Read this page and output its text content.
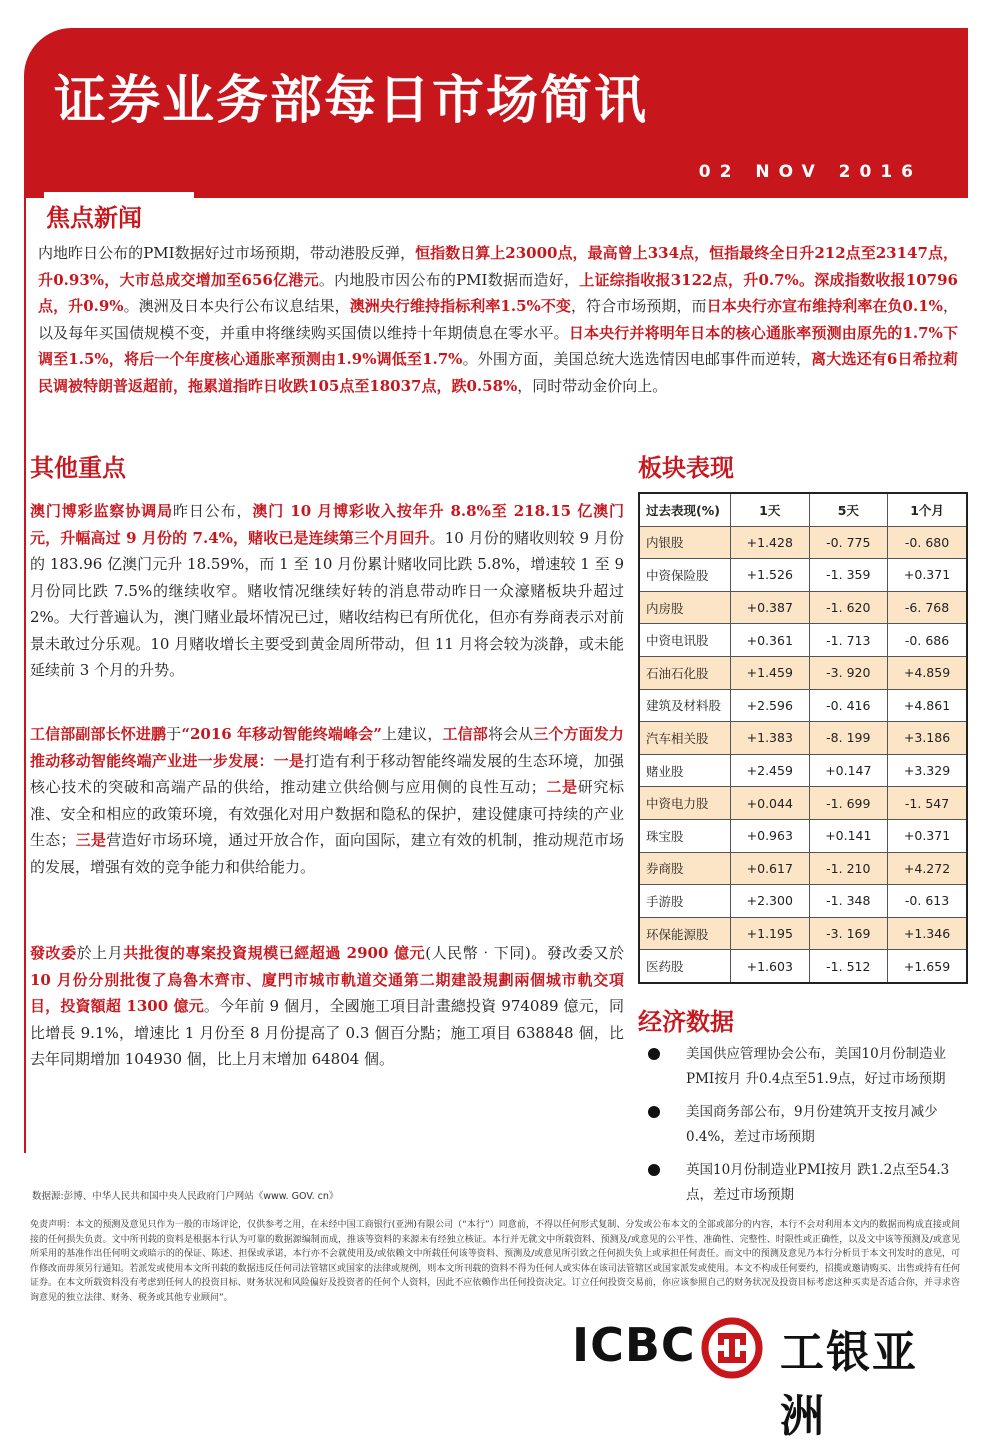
证券业务部每日市场简讯
02 NOV 2016
焦点新闻

内地昨日公布的PMI数据好过市场预期，带动港股反弹，恒指数日算上23000点，最高曾上334点，恒指最终全日升212点至23147点，升0.93%，大市总成交增加至656亿港元。内地股市因公布的PMI数据而造好，上证综指收报3122点，升0.7%。深成指数收报10796点，升0.9%。澳洲及日本央行公布议息结果，澳洲央行维持指标利率1.5%不变，符合市场预期，而日本央行亦宣布维持利率在负0.1%，以及每年买国债规模不变，并重申将继续购买国债以维持十年期债息在零水平。日本央行并将明年日本的核心通胀率预测由原先的1.7%下调至1.5%，将后一个年度核心通胀率预测由1.9%调低至1.7%。外围方面，美国总统大选选情因电邮事件而逆转，离大选还有6日希拉莉民调被特朗普返超前，拖累道指昨日收跌105点至18037点，跌0.58%，同时带动金价向上。

其他重点

澳门博彩监察协调局昨日公布，澳门 10 月博彩收入按年升 8.8%至 218.15 亿澳门元，升幅高过 9 月份的 7.4%，赌收已是连续第三个月回升。10 月份的赌收则较 9 月份的 183.96 亿澳门元升 18.59%，而 1 至 10 月份累计赌收同比跌 5.8%，增速较 1 至 9 月份同比跌 7.5%的继续收窄。赌收情况继续好转的消息带动昨日一众濠赌板块升超过 2%。大行普遍认为，澳门赌业最坏情况已过，赌收结构已有所优化，但亦有券商表示对前景未敢过分乐观。10 月赌收增长主要受到黄金周所带动，但 11 月将会较为淡静，或未能延续前 3 个月的升势。

工信部副部长怀进鹏于“2016 年移动智能终端峰会”上建议，工信部将会从三个方面发力推动移动智能终端产业进一步发展：一是打造有利于移动智能终端发展的生态环境，加强核心技术的突破和高端产品的供给，推动建立供给侧与应用侧的良性互动；二是研究标准、安全和相应的政策环境，有效强化对用户数据和隐私的保护，建设健康可持续的产业生态；三是营造好市场环境，通过开放合作，面向国际，建立有效的机制，推动规范市场的发展，增强有效的竞争能力和供给能力。

發改委於上月共批復的專案投資規模已經超過 2900 億元(人民幣‧下同)。發改委又於 10 月份分別批復了烏魯木齊市、廈門市城市軌道交通第二期建設規劃兩個城市軌交項目，投資額超 1300 億元。今年前 9 個月，全國施工項目計畫總投資 974089 億元，同比增長 9.1%，增速比 1 月份至 8 月份提高了 0.3 個百分點；施工項目 638848 個，比去年同期增加 104930 個，比上月末增加 64804 個。

板块表现
过去表现(%)	1天	5天	1个月
内银股	+1.428	-0. 775	-0. 680
中资保险股	+1.526	-1. 359	+0.371
内房股	+0.387	-1. 620	-6. 768
中资电讯股	+0.361	-1. 713	-0. 686
石油石化股	+1.459	-3. 920	+4.859
建筑及材料股	+2.596	-0. 416	+4.861
汽车相关股	+1.383	-8. 199	+3.186
赌业股	+2.459	+0.147	+3.329
中资电力股	+0.044	-1. 699	-1. 547
珠宝股	+0.963	+0.141	+0.371
券商股	+0.617	-1. 210	+4.272
手游股	+2.300	-1. 348	-0. 613
环保能源股	+1.195	-3. 169	+1.346
医药股	+1.603	-1. 512	+1.659
经济数据
美国供应管理协会公布，美国10月份制造业PMI按月 升0.4点至51.9点，好过市场预期
美国商务部公布，9月份建筑开支按月减少0.4%，差过市场预期
英国10月份制造业PMI按月 跌1.2点至54.3点，差过市场预期
数据源:彭博、中华人民共和国中央人民政府门户网站《www. GOV. cn》

免责声明：本文的预测及意见只作为一般的市场评论，仅供参考之用，在未经中国工商银行(亚洲)有限公司（“本行”）同意前，不得以任何形式复制、分发或公布本文的全部或部分的内容，本行不会对利用本文内的数据而构成直接或间接的任何损失负责。文中所刊载的资料是根据本行认为可靠的数据源编制而成，推该等资料的来源未有经独立核证。本行并无就文中所载资料、预测及/或意见的公平性、准确性、完整性、时限性或正确性，以及文中该等预测及/或意见所采用的基准作出任何明文或暗示的的保证、陈述、担保或承诺，本行亦不会就使用及/或依赖文中所载任何该等资料、预测及/或意见所引致之任何损失负上或承担任何责任。而文中的预测及意见乃本行分析员于本文刊发时的意见，可作修改而毋须另行通知。若派发或使用本文所刊载的数据违反任何司法管辖区或国家的法律或规例，则本文所刊载的资料不得为任何人或实体在该司法管辖区或国家派发或使用。本文不构成任何要约，招揽或邀请购买、出售或持有任何证券。在本文所载资料没有考虑到任何人的投资目标、财务状况和风险偏好及投资者的任何个人资料，因此不应依赖作出任何投资决定。订立任何投资交易前，你应该参照自己的财务状况及投资目标考虑这种买卖是否适合你，并寻求咨询意见的独立法律、财务、税务或其他专业顾问”。

ICBC 工银亚洲
